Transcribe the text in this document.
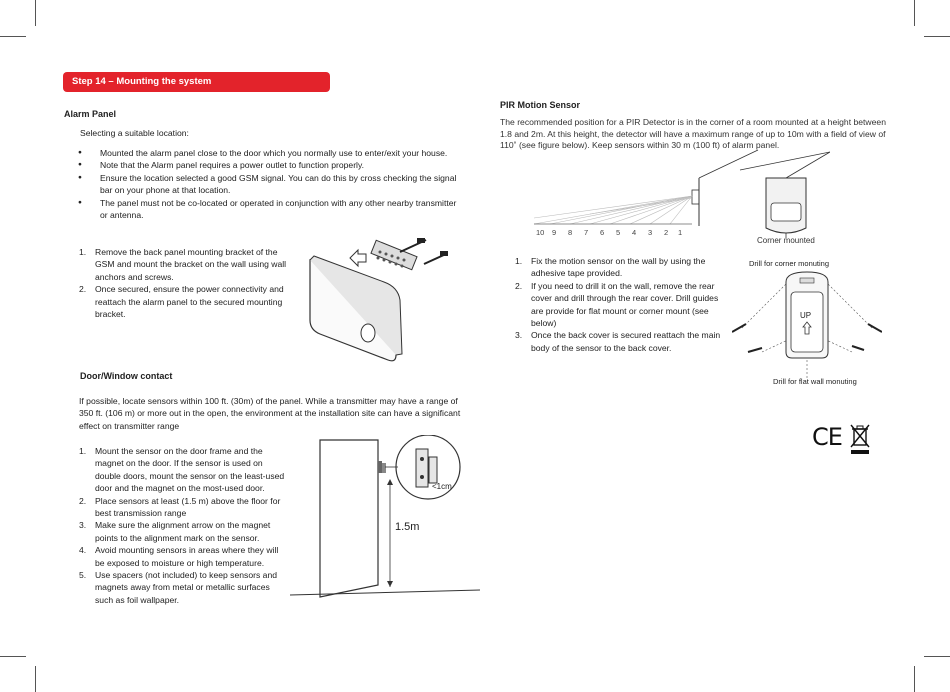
Step 14 – Mounting the system
Alarm Panel
Selecting a suitable location:
● Mounted the alarm panel close to the door which you normally use to enter/exit your house.
● Note that the Alarm panel requires a power outlet to function properly.
● Ensure the location selected a good GSM signal. You can do this by cross checking the signal bar on your phone at that location.
● The panel must not be co-located or operated in conjunction with any other nearby transmitter or antenna.
1. Remove the back panel mounting bracket of the GSM and mount the bracket on the wall using wall anchors and screws.
2. Once secured, ensure the power connectivity and reattach the alarm panel to the secured mounting bracket.
Door/Window contact
If possible, locate sensors within 100 ft. (30m) of the panel. While a transmitter may have a range of 350 ft. (106 m) or more out in the open, the environment at the installation site can have a significant effect on transmitter range
1. Mount the sensor on the door frame and the magnet on the door. If the sensor is used on double doors, mount the sensor on the least-used door and the magnet on the most-used door.
2. Place sensors at least (1.5 m) above the floor for best transmission range
3. Make sure the alignment arrow on the magnet points to the alignment mark on the sensor.
4. Avoid mounting sensors in areas where they will be exposed to moisture or high temperature.
5. Use spacers (not included) to keep sensors and magnets away from metal or metallic surfaces such as foil wallpaper.
1.5m
<1cm
PIR Motion Sensor
The recommended position for a PIR Detector is in the corner of a room mounted at a height between 1.8 and 2m. At this height, the detector will have a maximum range of up to 10m with a field of view of 110˚ (see figure below). Keep sensors within 30 m (100 ft) of alarm panel.
10 9 8 7 6 5 4 3 2 1
Corner mounted
1. Fix the motion sensor on the wall by using the adhesive tape provided.
2. If you need to drill it on the wall, remove the rear cover and drill through the rear cover. Drill guides are provide for flat mount or corner mount (see below)
3. Once the back cover is secured reattach the main body of the sensor to the back cover.
Drill for corner monuting
UP
Drill for flat wall monuting
CE
